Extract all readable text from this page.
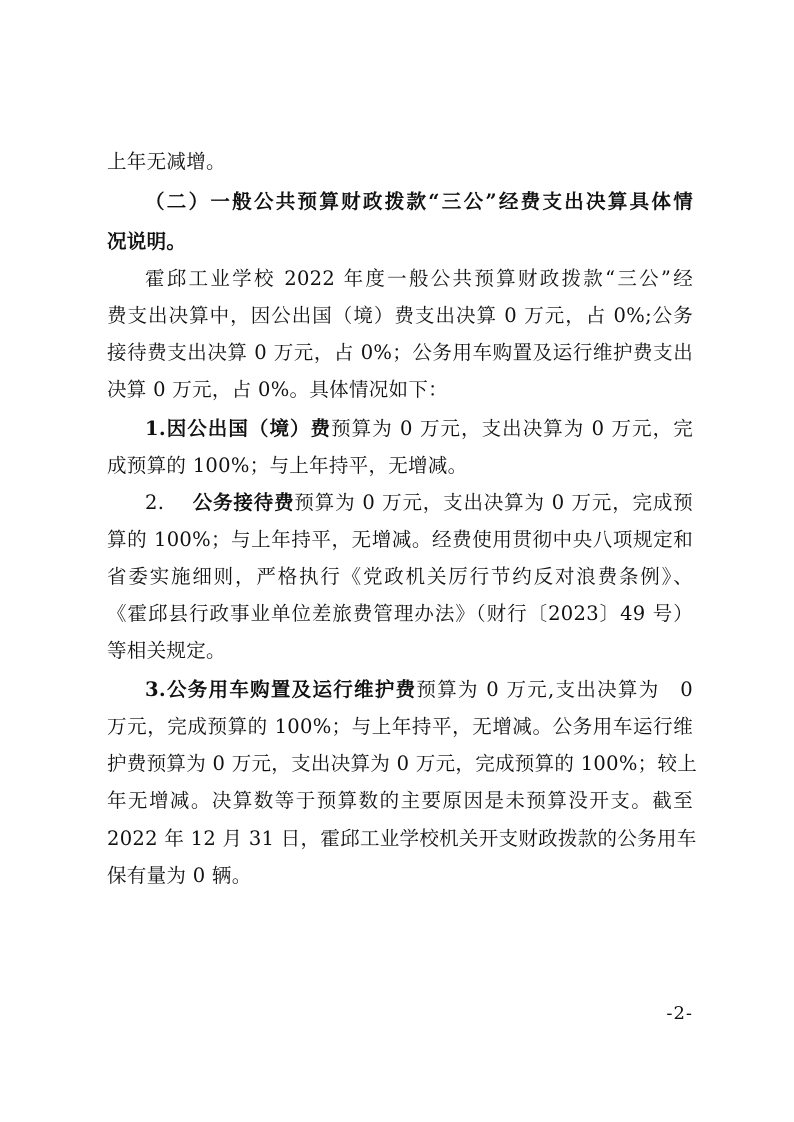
上年无减增。
（二）一般公共预算财政拨款“三公”经费支出决算具体情
况说明。
霍邱工业学校 2022 年度一般公共预算财政拨款“三公”经
费支出决算中，因公出国（境）费支出决算 0 万元，占 0%;公务
接待费支出决算 0 万元，占 0%；公务用车购置及运行维护费支出
决算 0 万元，占 0%。具体情况如下：
1.因公出国（境）费预算为 0 万元，支出决算为 0 万元，完
成预算的 100%；与上年持平，无增减。
2. 公务接待费预算为 0 万元，支出决算为 0 万元，完成预
算的 100%；与上年持平，无增减。经费使用贯彻中央八项规定和
省委实施细则，严格执行《党政机关厉行节约反对浪费条例》、
《霍邱县行政事业单位差旅费管理办法》（财行〔2023〕49 号）
等相关规定。
3.公务用车购置及运行维护费预算为 0 万元,支出决算为　0
万元，完成预算的 100%；与上年持平，无增减。公务用车运行维
护费预算为 0 万元，支出决算为 0 万元，完成预算的 100%；较上
年无增减。决算数等于预算数的主要原因是未预算没开支。截至
2022 年 12 月 31 日，霍邱工业学校机关开支财政拨款的公务用车
保有量为 0 辆。
-2-
